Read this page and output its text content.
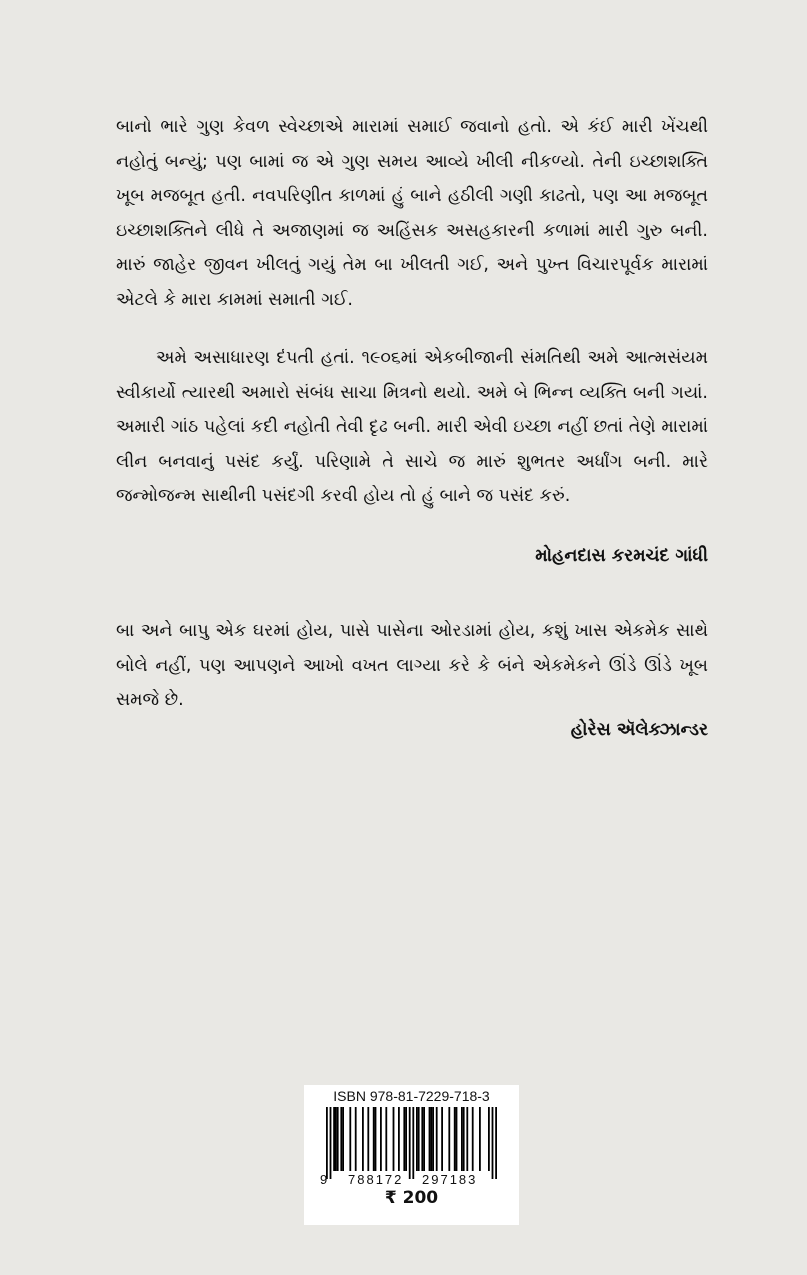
બાનો ભારે ગુણ કેવળ સ્વેચ્છાએ મારામાં સમાઈ જવાનો હતો. એ કંઈ મારી ખેંચથી નહોતું બન્યું; પણ બામાં જ એ ગુણ સમય આવ્યે ખીલી નીકળ્યો. તેની ઇચ્છાશક્તિ ખૂબ મજબૂત હતી. નવપરિણીત કાળમાં હું બાને હઠીલી ગણી કાઢતો, પણ આ મજબૂત ઇચ્છાશક્તિને લીધે તે અજાણમાં જ અહિંસક અસહકારની કળામાં મારી ગુરુ બની. મારું જાહેર જીવન ખીલતું ગયું તેમ બા ખીલતી ગઈ, અને પુખ્ત વિચારપૂર્વક મારામાં એટલે કે મારા કામમાં સમાતી ગઈ.

અમે અસાધારણ દંપતી હતાં. ૧૯૦૬માં એકબીજાની સંમતિથી અમે આત્મસંયમ સ્વીકાર્યો ત્યારથી અમારો સંબંધ સાચા મિત્રનો થયો. અમે બે ભિન્ન વ્યક્તિ બની ગયાં. અમારી ગાંઠ પહેલાં કદી નહોતી તેવી દૃઢ બની. મારી એવી ઇચ્છા નહીં છતાં તેણે મારામાં લીન બનવાનું પસંદ કર્યું. પરિણામે તે સાચે જ મારું શુભતર અર્ધાંગ બની. મારે જન્મોજન્મ સાથીની પસંદગી કરવી હોય તો હું બાને જ પસંદ કરું.

મોહનદાસ કરમચંદ ગાંધી

બા અને બાપુ એક ઘરમાં હોય, પાસે પાસેના ઓરડામાં હોય, કશું ખાસ એકમેક સાથે બોલે નહીં, પણ આપણને આખો વખત લાગ્યા કરે કે બંને એકમેકને ઊંડે ઊંડે ખૂબ સમજે છે.

હોરેસ ઍલેક્ઝાન્ડર
ISBN 978-81-7229-718-3
9 788172 297183
₹ 200
